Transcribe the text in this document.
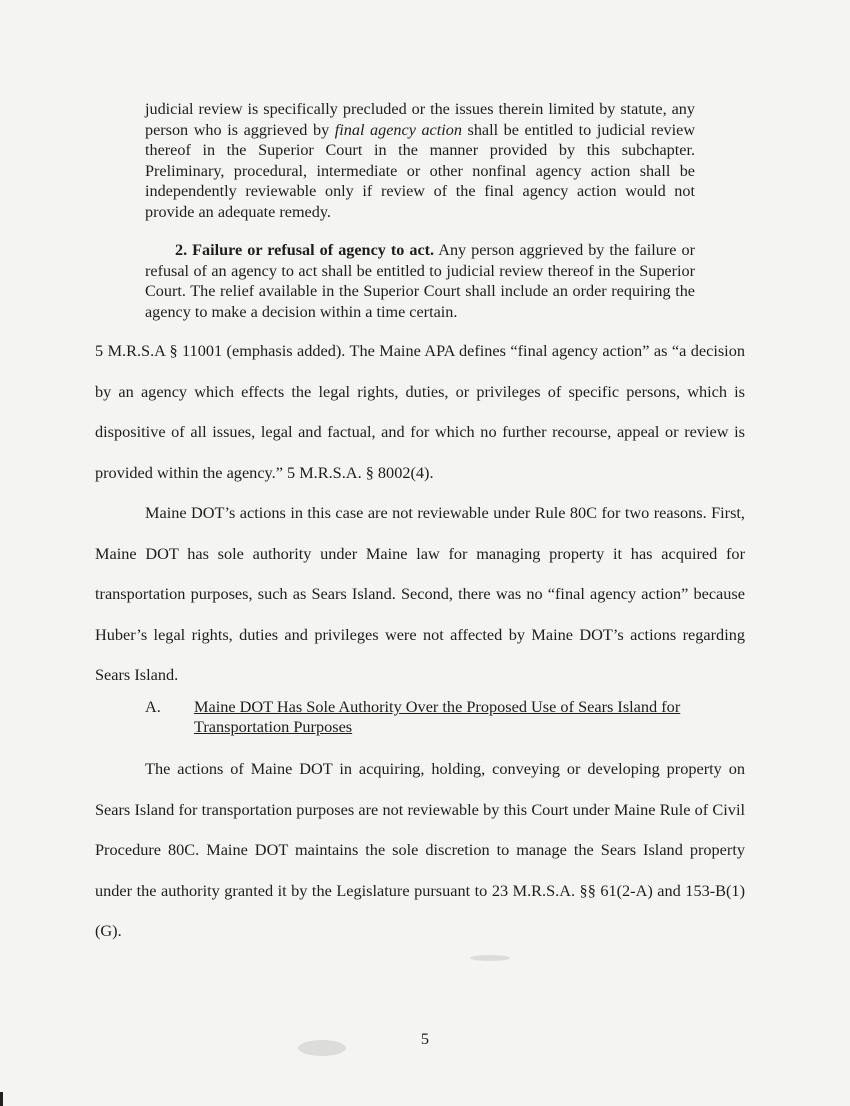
judicial review is specifically precluded or the issues therein limited by statute, any person who is aggrieved by final agency action shall be entitled to judicial review thereof in the Superior Court in the manner provided by this subchapter. Preliminary, procedural, intermediate or other nonfinal agency action shall be independently reviewable only if review of the final agency action would not provide an adequate remedy.
2. Failure or refusal of agency to act. Any person aggrieved by the failure or refusal of an agency to act shall be entitled to judicial review thereof in the Superior Court. The relief available in the Superior Court shall include an order requiring the agency to make a decision within a time certain.
5 M.R.S.A § 11001 (emphasis added). The Maine APA defines “final agency action” as “a decision by an agency which effects the legal rights, duties, or privileges of specific persons, which is dispositive of all issues, legal and factual, and for which no further recourse, appeal or review is provided within the agency.” 5 M.R.S.A. § 8002(4).
Maine DOT’s actions in this case are not reviewable under Rule 80C for two reasons. First, Maine DOT has sole authority under Maine law for managing property it has acquired for transportation purposes, such as Sears Island. Second, there was no “final agency action” because Huber’s legal rights, duties and privileges were not affected by Maine DOT’s actions regarding Sears Island.
A. Maine DOT Has Sole Authority Over the Proposed Use of Sears Island for Transportation Purposes
The actions of Maine DOT in acquiring, holding, conveying or developing property on Sears Island for transportation purposes are not reviewable by this Court under Maine Rule of Civil Procedure 80C. Maine DOT maintains the sole discretion to manage the Sears Island property under the authority granted it by the Legislature pursuant to 23 M.R.S.A. §§ 61(2-A) and 153-B(1)(G).
5
